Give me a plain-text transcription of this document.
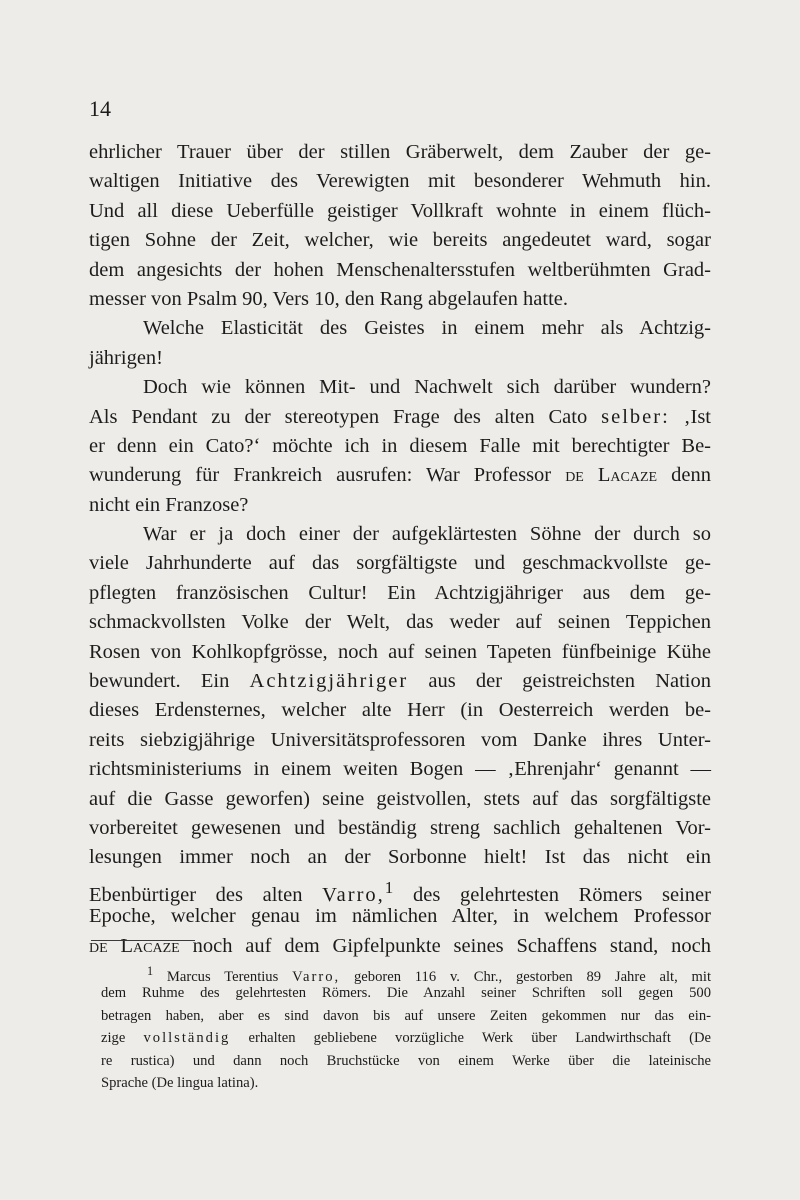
14
ehrlicher Trauer über der stillen Gräberwelt, dem Zauber der ge-
waltigen Initiative des Verewigten mit besonderer Wehmuth hin.
Und all diese Ueberfülle geistiger Vollkraft wohnte in einem flüch-
tigen Sohne der Zeit, welcher, wie bereits angedeutet ward, sogar
dem angesichts der hohen Menschenaltersstufen weltberühmten Grad-
messer von Psalm 90, Vers 10, den Rang abgelaufen hatte.
Welche Elasticität des Geistes in einem mehr als Achtzig-
jährigen!
Doch wie können Mit- und Nachwelt sich darüber wundern?
Als Pendant zu der stereotypen Frage des alten Cato selber: ‚Ist
er denn ein Cato?‘ möchte ich in diesem Falle mit berechtigter Be-
wunderung für Frankreich ausrufen: War Professor de Lacaze denn
nicht ein Franzose?
War er ja doch einer der aufgeklärtesten Söhne der durch so
viele Jahrhunderte auf das sorgfältigste und geschmackvollste ge-
pflegten französischen Cultur! Ein Achtzigjähriger aus dem ge-
schmackvollsten Volke der Welt, das weder auf seinen Teppichen
Rosen von Kohlkopfgrösse, noch auf seinen Tapeten fünfbeinige Kühe
bewundert. Ein Achtzigjähriger aus der geistreichsten Nation
dieses Erdensternes, welcher alte Herr (in Oesterreich werden be-
reits siebzigjährige Universitätsprofessoren vom Danke ihres Unter-
richtsministeriums in einem weiten Bogen — ‚Ehrenjahr‘ genannt —
auf die Gasse geworfen) seine geistvollen, stets auf das sorgfältigste
vorbereitet gewesenen und beständig streng sachlich gehaltenen Vor-
lesungen immer noch an der Sorbonne hielt! Ist das nicht ein
Ebenbürtiger des alten Varro,$^1$ des gelehrtesten Römers seiner
Epoche, welcher genau im nämlichen Alter, in welchem Professor
de Lacaze noch auf dem Gipfelpunkte seines Schaffens stand, noch
$^1$ Marcus Terentius Varro, geboren 116 v. Chr., gestorben 89 Jahre alt, mit
dem Ruhme des gelehrtesten Römers. Die Anzahl seiner Schriften soll gegen 500
betragen haben, aber es sind davon bis auf unsere Zeiten gekommen nur das ein-
zige vollständig erhalten gebliebene vorzügliche Werk über Landwirthschaft (De
re rustica) und dann noch Bruchstücke von einem Werke über die lateinische
Sprache (De lingua latina).
